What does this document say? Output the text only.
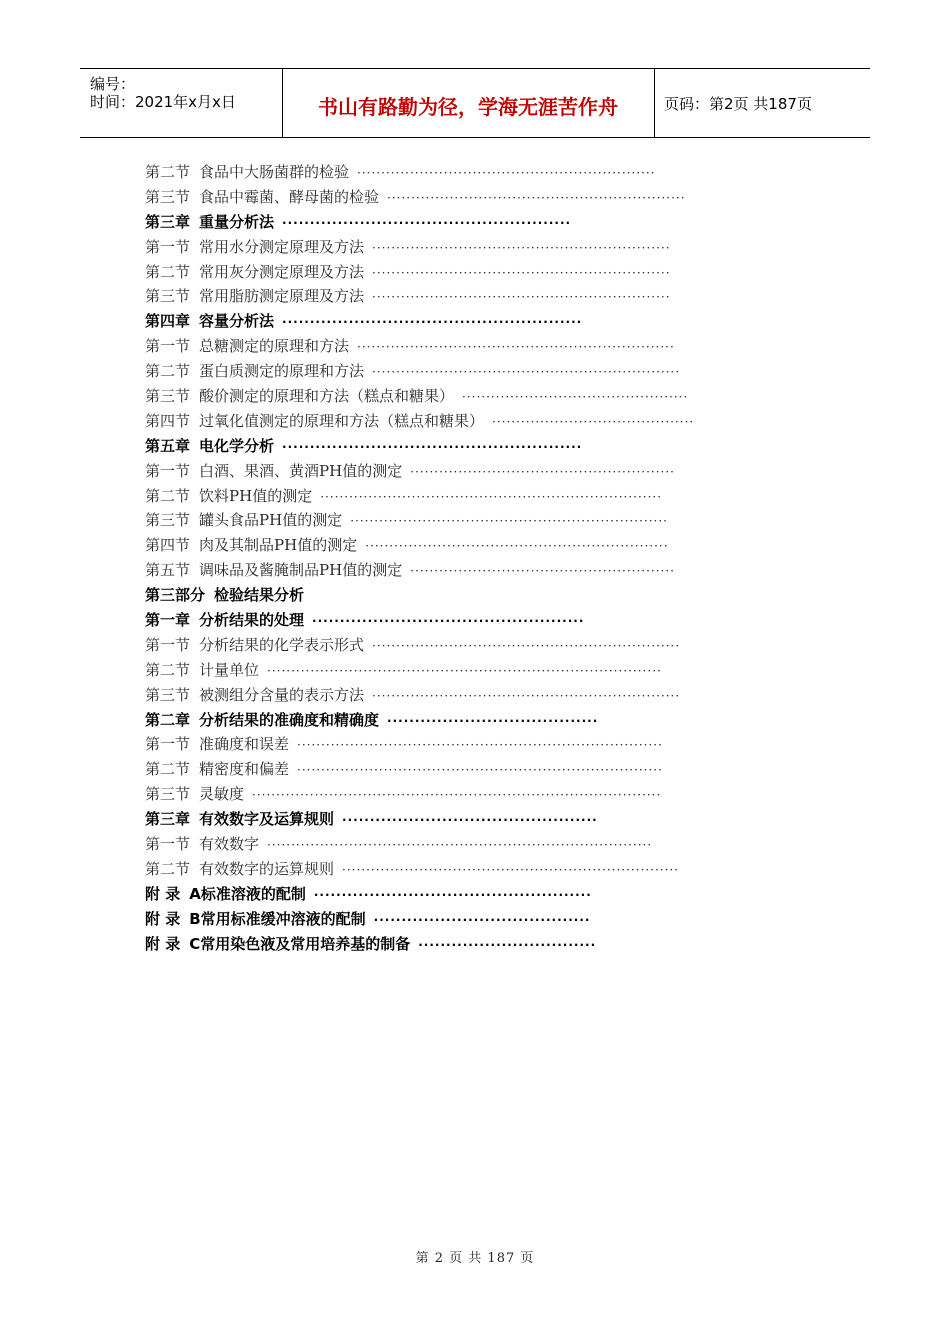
编号：
时间：2021年x月x日	书山有路勤为径，学海无涯苦作舟	页码：第2页 共187页
第二节 食品中大肠菌群的检验 ······························································
第三节 食品中霉菌、酵母菌的检验 ······························································
第三章 重量分析法 ····················································
第一节 常用水分测定原理及方法 ······························································
第二节 常用灰分测定原理及方法 ······························································
第三节 常用脂肪测定原理及方法 ······························································
第四章 容量分析法 ······················································
第一节 总糖测定的原理和方法 ··································································
第二节 蛋白质测定的原理和方法 ································································
第三节 酸价测定的原理和方法（糕点和糖果） ···············································
第四节 过氧化值测定的原理和方法（糕点和糖果） ··········································
第五章 电化学分析 ······················································
第一节 白酒、果酒、黄酒PH值的测定 ·······················································
第二节 饮料PH值的测定 ·······································································
第三节 罐头食品PH值的测定 ··································································
第四节 肉及其制品PH值的测定 ·······························································
第五节 调味品及酱腌制品PH值的测定 ·······················································
第三部分 检验结果分析
第一章 分析结果的处理 ·················································
第一节 分析结果的化学表示形式 ································································
第二节 计量单位 ··················································································
第三节 被测组分含量的表示方法 ································································
第二章 分析结果的准确度和精确度 ······································
第一节 准确度和误差 ············································································
第二节 精密度和偏差 ············································································
第三节 灵敏度 ·····················································································
第三章 有效数字及运算规则 ··············································
第一节 有效数字 ················································································
第二节 有效数字的运算规则 ······································································
附 录 A标准溶液的配制 ··················································
附 录 B常用标准缓冲溶液的配制 ·······································
附 录 C常用染色液及常用培养基的制备 ································
第 2 页 共 187 页
